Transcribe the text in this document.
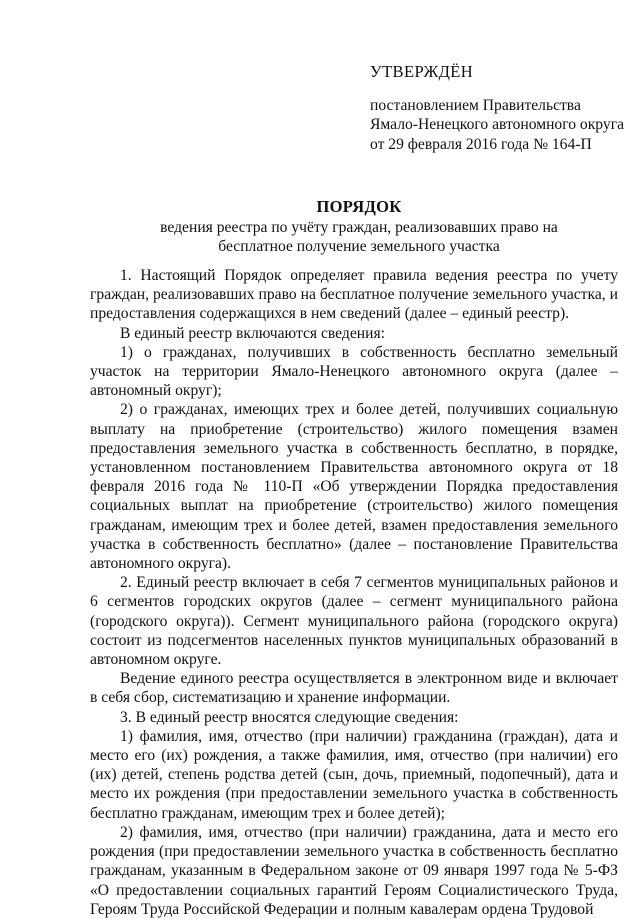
УТВЕРЖДЁН
постановлением Правительства
Ямало-Ненецкого автономного округа
от 29 февраля 2016 года № 164-П
ПОРЯДОК
ведения реестра по учёту граждан, реализовавших право на
бесплатное получение земельного участка

1. Настоящий Порядок определяет правила ведения реестра по учету граждан, реализовавших право на бесплатное получение земельного участка, и предоставления содержащихся в нем сведений (далее – единый реестр).

В единый реестр включаются сведения:

1) о гражданах, получивших в собственность бесплатно земельный участок на территории Ямало-Ненецкого автономного округа (далее – автономный округ);

2) о гражданах, имеющих трех и более детей, получивших социальную выплату на приобретение (строительство) жилого помещения взамен предоставления земельного участка в собственность бесплатно, в порядке, установленном постановлением Правительства автономного округа от 18 февраля 2016 года № 110-П «Об утверждении Порядка предоставления социальных выплат на приобретение (строительство) жилого помещения гражданам, имеющим трех и более детей, взамен предоставления земельного участка в собственность бесплатно» (далее – постановление Правительства автономного округа).

2. Единый реестр включает в себя 7 сегментов муниципальных районов и 6 сегментов городских округов (далее – сегмент муниципального района (городского округа)). Сегмент муниципального района (городского округа) состоит из подсегментов населенных пунктов муниципальных образований в автономном округе.

Ведение единого реестра осуществляется в электронном виде и включает в себя сбор, систематизацию и хранение информации.

3. В единый реестр вносятся следующие сведения:

1) фамилия, имя, отчество (при наличии) гражданина (граждан), дата и место его (их) рождения, а также фамилия, имя, отчество (при наличии) его (их) детей, степень родства детей (сын, дочь, приемный, подопечный), дата и место их рождения (при предоставлении земельного участка в собственность бесплатно гражданам, имеющим трех и более детей);

2) фамилия, имя, отчество (при наличии) гражданина, дата и место его рождения (при предоставлении земельного участка в собственность бесплатно гражданам, указанным в Федеральном законе от 09 января 1997 года № 5-ФЗ «О предоставлении социальных гарантий Героям Социалистического Труда, Героям Труда Российской Федерации и полным кавалерам ордена Трудовой
